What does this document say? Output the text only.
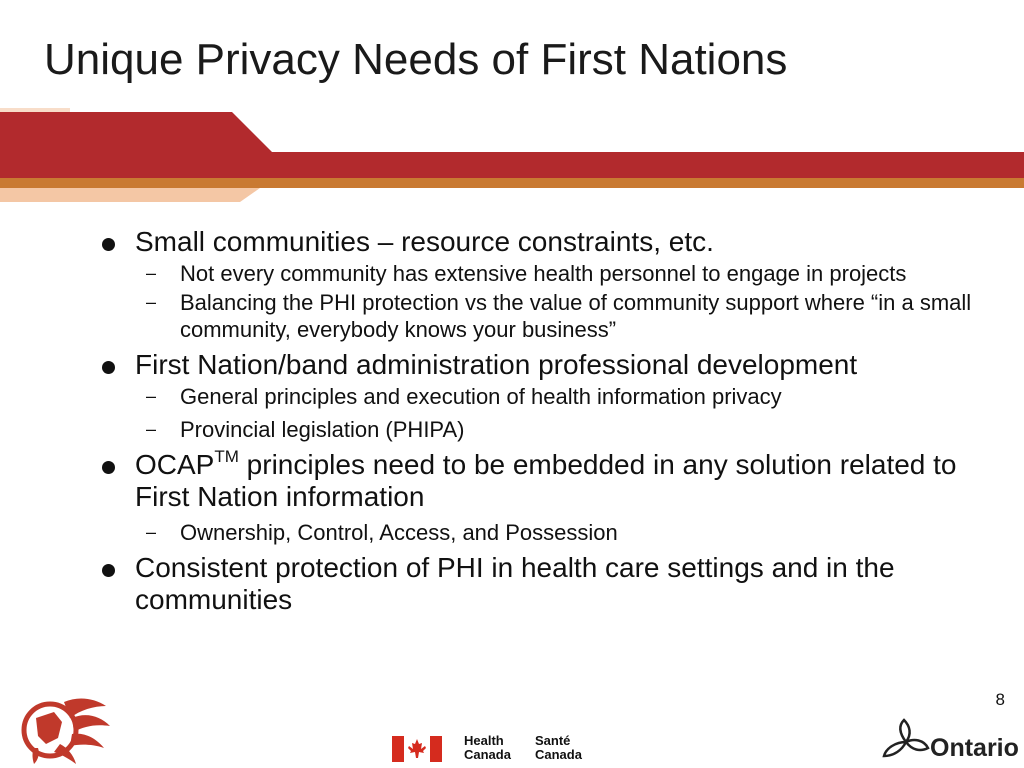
Unique Privacy Needs of First Nations
Small communities – resource constraints, etc.
– Not every community has extensive health personnel to engage in projects
– Balancing the PHI protection vs the value of community support where “in a small community, everybody knows your business”
First Nation/band administration professional development
– General principles and execution of health information privacy
– Provincial legislation (PHIPA)
OCAP™ principles need to be embedded in any solution related to First Nation information
– Ownership, Control, Access, and Possession
Consistent protection of PHI in health care settings and in the communities
8
Health
Canada
Santé
Canada	Ontario
